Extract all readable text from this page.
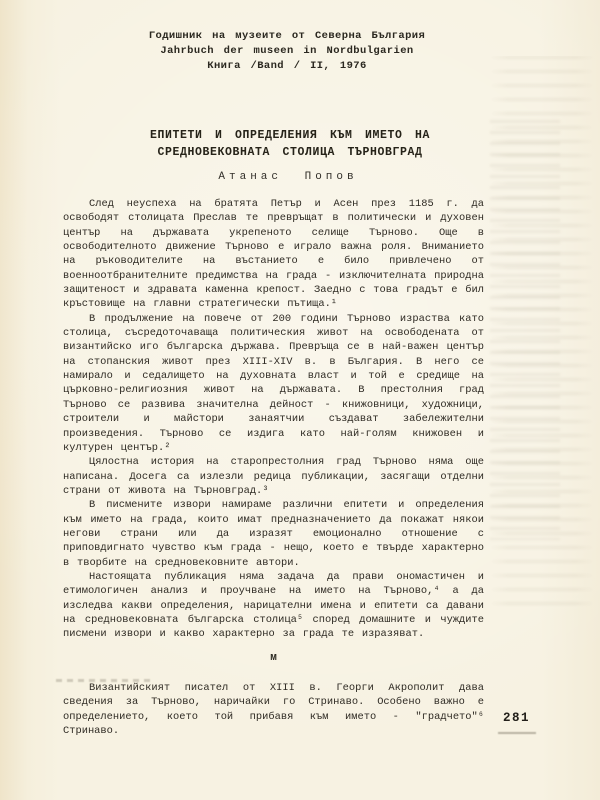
Годишник на музеите от Северна България
Jahrbuch der museen in Nordbulgarien
Книга /Band / II, 1976
ЕПИТЕТИ И ОПРЕДЕЛЕНИЯ КЪМ ИМЕТО НА
СРЕДНОВЕКОВНАТА СТОЛИЦА ТЪРНОВГРАД
Атанас Попов

След неуспеха на братята Петър и Асен през 1185 г. да освободят столицата Преслав те превръщат в политически и духовен център на държавата укрепеното селище Търново. Още в освободителното движение Търново е играло важна роля. Вниманието на ръководителите на въстанието е било привлечено от военноотбранителните предимства на града - изключителната природна защитеност и здравата каменна крепост. Заедно с това градът е бил кръстовище на главни стратегически пътища.¹

В продължение на повече от 200 години Търново израства като столица, съсредоточаваща политическия живот на освободената от византийско иго българска държава. Превръща се в най-важен център на стопанския живот през XIII-XIV в. в България. В него се намирало и седалището на духовната власт и той е средище на църковно-религиозния живот на държавата. В престолния град Търново се развива значителна дейност - книжовници, художници, строители и майстори занаятчии създават забележителни произведения. Търново се издига като най-голям книжовен и културен център.²

Цялостна история на старопрестолния град Търново няма още написана. Досега са излезли редица публикации, засягащи отделни страни от живота на Търновград.³

В писмените извори намираме различни епитети и определения към името на града, които имат предназначението да покажат някои негови страни или да изразят емоционално отношение с приповдигнато чувство към града - нещо, което е твърде характерно в творбите на средновековните автори.

Настоящата публикация няма задача да прави ономастичен и етимологичен анализ и проучване на името на Търново,⁴ а да изследва какви определения, нарицателни имена и епитети са давани на средновековната българска столица⁵ според домашните и чуждите писмени извори и какво характерно за града те изразяват.

м

Византийският писател от XIII в. Георги Акрополит дава сведения за Търново, наричайки го Стринаво. Особено важно е определението, което той прибавя към името - "градчето"⁶ Стринаво.

281
